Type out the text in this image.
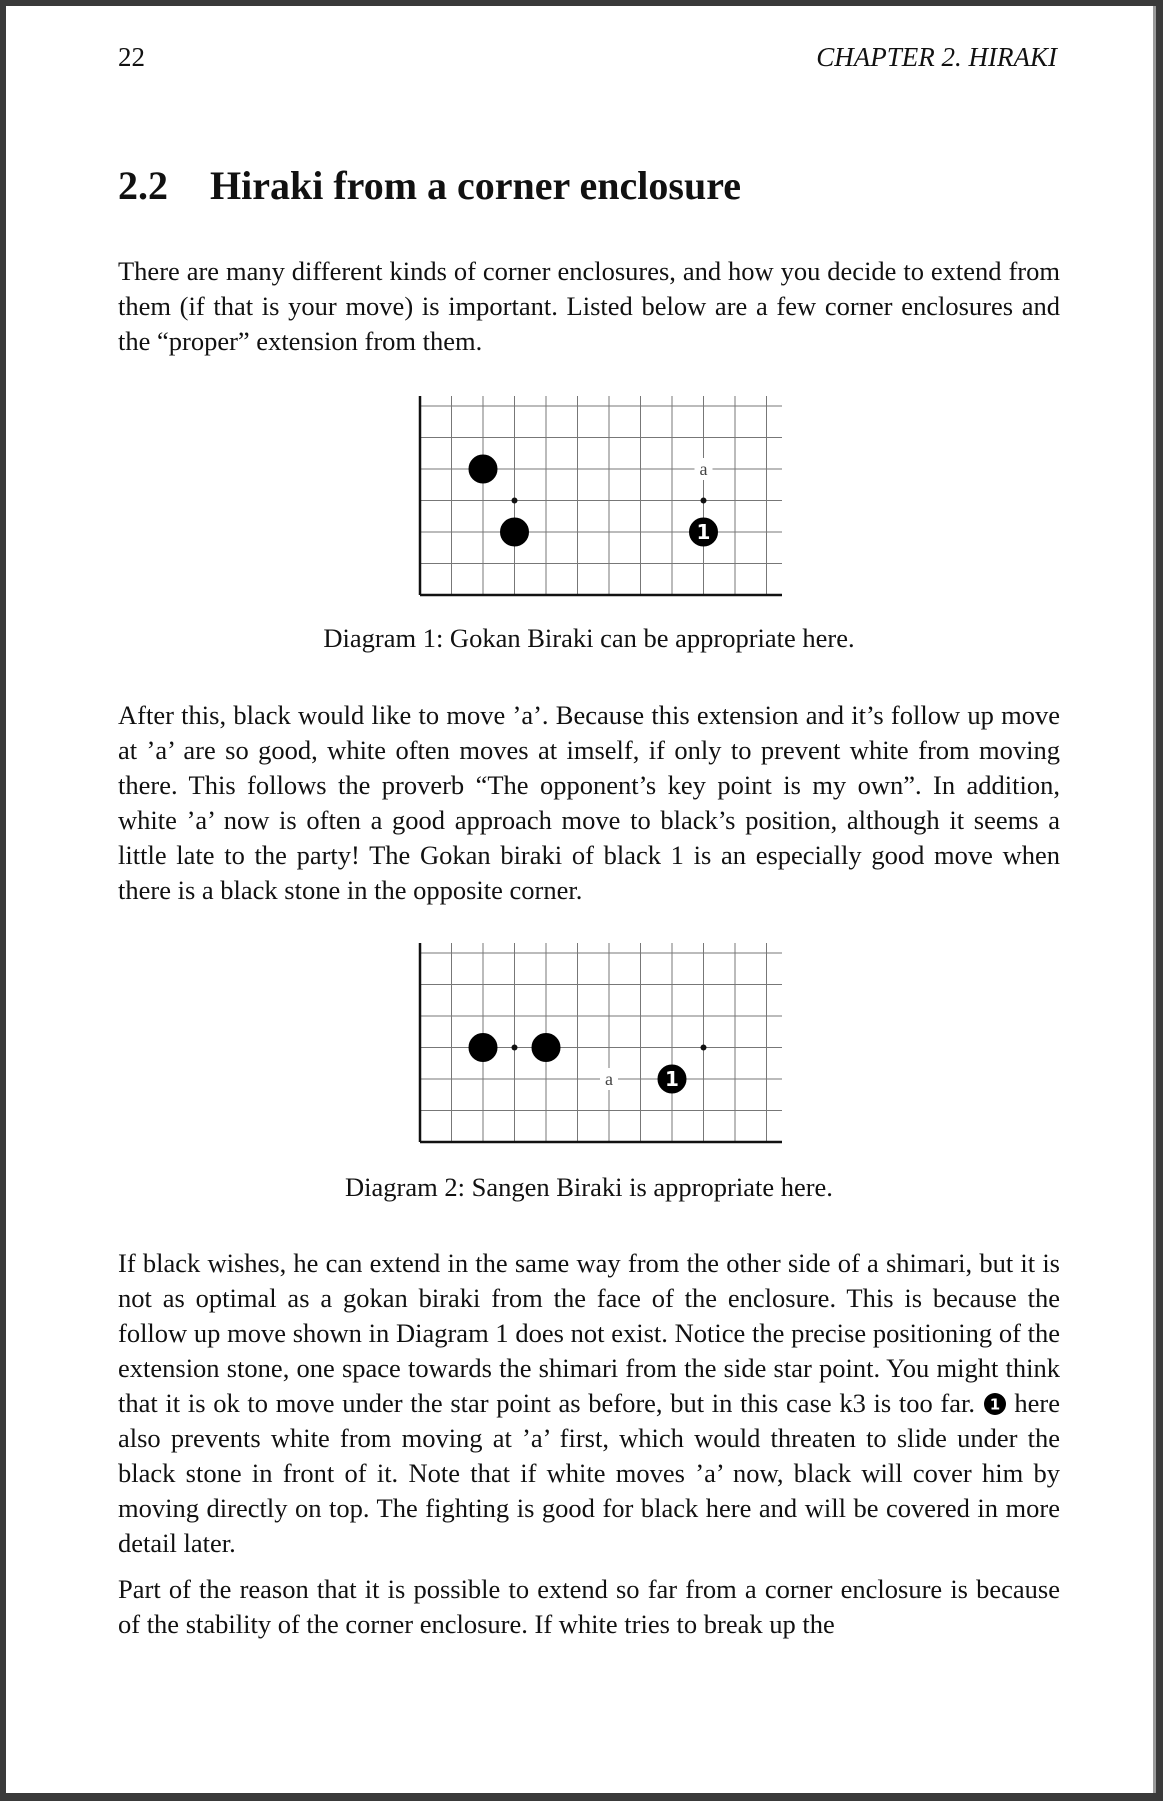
22	CHAPTER 2. HIRAKI
2.2 Hiraki from a corner enclosure

There are many different kinds of corner enclosures, and how you decide to extend from them (if that is your move) is important. Listed below are a few corner enclosures and the “proper” extension from them.

a
1
Diagram 1: Gokan Biraki can be appropriate here.

After this, black would like to move ’a’. Because this extension and it’s follow up move at ’a’ are so good, white often moves at imself, if only to prevent white from moving there. This follows the proverb “The opponent’s key point is my own”. In addition, white ’a’ now is often a good approach move to black’s position, although it seems a little late to the party! The Gokan biraki of black 1 is an especially good move when there is a black stone in the opposite corner.

a	1
Diagram 2: Sangen Biraki is appropriate here.

If black wishes, he can extend in the same way from the other side of a shimari, but it is not as optimal as a gokan biraki from the face of the enclosure. This is because the follow up move shown in Diagram 1 does not exist. Notice the precise positioning of the extension stone, one space towards the shimari from the side star point. You might think that it is ok to move under the star point as before, but in this case k3 is too far. 1 here also prevents white from moving at ’a’ first, which would threaten to slide under the black stone in front of it. Note that if white moves ’a’ now, black will cover him by moving directly on top. The fighting is good for black here and will be covered in more detail later.

Part of the reason that it is possible to extend so far from a corner enclosure is because of the stability of the corner enclosure. If white tries to break up the
